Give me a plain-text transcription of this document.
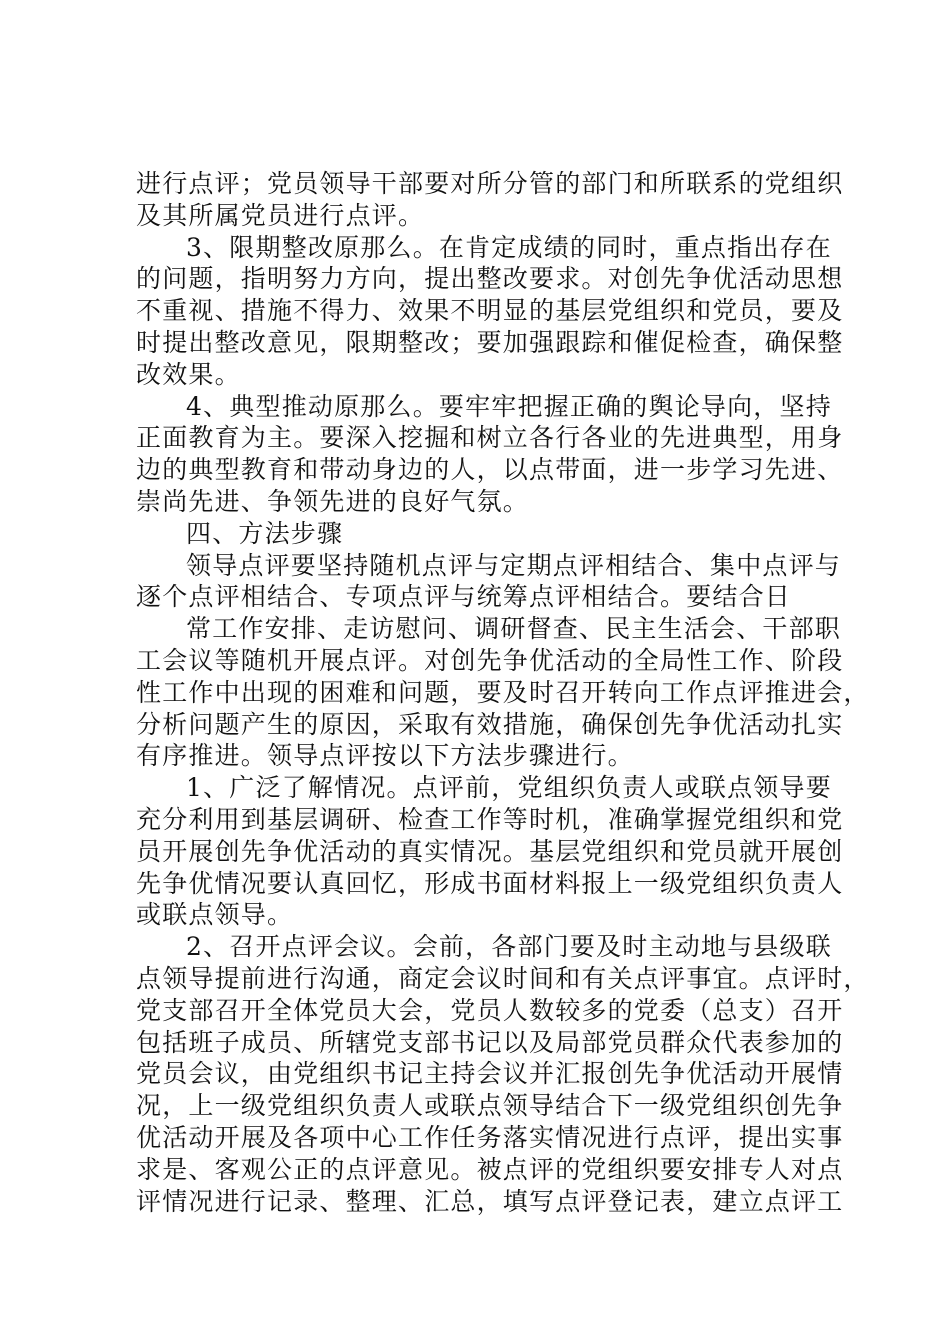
进行点评；党员领导干部要对所分管的部门和所联系的党组织
及其所属党员进行点评。
3、限期整改原那么。在肯定成绩的同时，重点指出存在
的问题，指明努力方向，提出整改要求。对创先争优活动思想
不重视、措施不得力、效果不明显的基层党组织和党员，要及
时提出整改意见，限期整改；要加强跟踪和催促检查，确保整
改效果。
4、典型推动原那么。要牢牢把握正确的舆论导向，坚持
正面教育为主。要深入挖掘和树立各行各业的先进典型，用身
边的典型教育和带动身边的人，以点带面，进一步学习先进、
崇尚先进、争领先进的良好气氛。
四、方法步骤
领导点评要坚持随机点评与定期点评相结合、集中点评与
逐个点评相结合、专项点评与统筹点评相结合。要结合日
常工作安排、走访慰问、调研督查、民主生活会、干部职
工会议等随机开展点评。对创先争优活动的全局性工作、阶段
性工作中出现的困难和问题，要及时召开转向工作点评推进会，
分析问题产生的原因，采取有效措施，确保创先争优活动扎实
有序推进。领导点评按以下方法步骤进行。
1、广泛了解情况。点评前，党组织负责人或联点领导要
充分利用到基层调研、检查工作等时机，准确掌握党组织和党
员开展创先争优活动的真实情况。基层党组织和党员就开展创
先争优情况要认真回忆，形成书面材料报上一级党组织负责人
或联点领导。
2、召开点评会议。会前，各部门要及时主动地与县级联
点领导提前进行沟通，商定会议时间和有关点评事宜。点评时，
党支部召开全体党员大会，党员人数较多的党委（总支）召开
包括班子成员、所辖党支部书记以及局部党员群众代表参加的
党员会议，由党组织书记主持会议并汇报创先争优活动开展情
况，上一级党组织负责人或联点领导结合下一级党组织创先争
优活动开展及各项中心工作任务落实情况进行点评，提出实事
求是、客观公正的点评意见。被点评的党组织要安排专人对点
评情况进行记录、整理、汇总，填写点评登记表，建立点评工
